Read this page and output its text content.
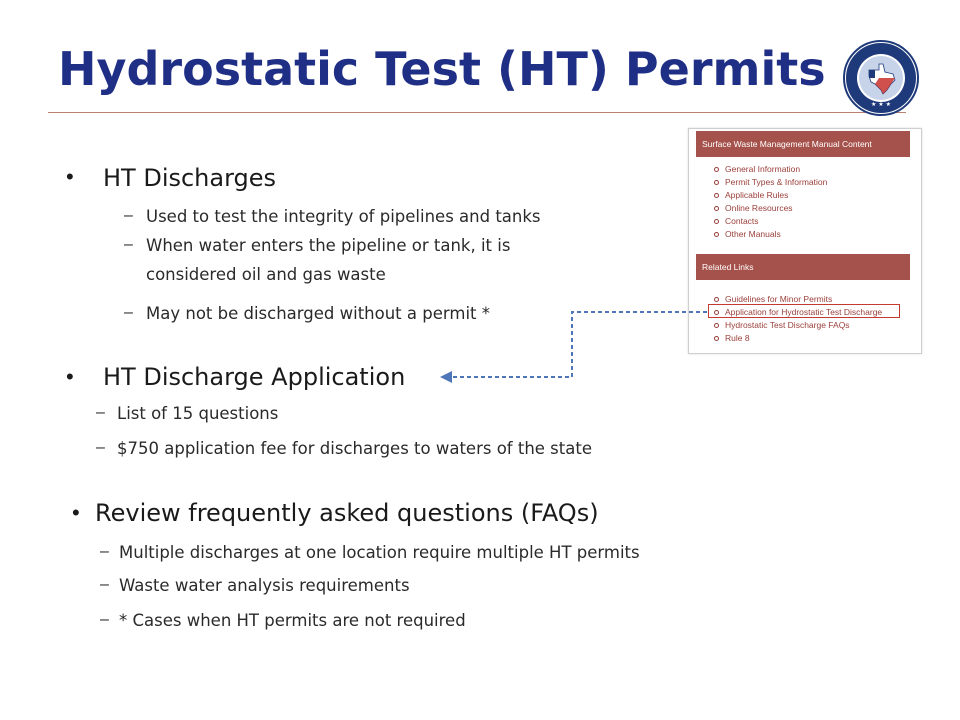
Hydrostatic Test (HT) Permits
★ ★ ★
• HT Discharges
– Used to test the integrity of pipelines and tanks
– When water enters the pipeline or tank, it is
considered oil and gas waste
– May not be discharged without a permit *
• HT Discharge Application
– List of 15 questions
– $750 application fee for discharges to waters of the state
• Review frequently asked questions (FAQs)
– Multiple discharges at one location require multiple HT permits
– Waste water analysis requirements
– * Cases when HT permits are not required
Surface Waste Management Manual Content
General Information
Permit Types & Information
Applicable Rules
Online Resources
Contacts
Other Manuals
Related Links
Guidelines for Minor Permits
Application for Hydrostatic Test Discharge
Hydrostatic Test Discharge FAQs
Rule 8
